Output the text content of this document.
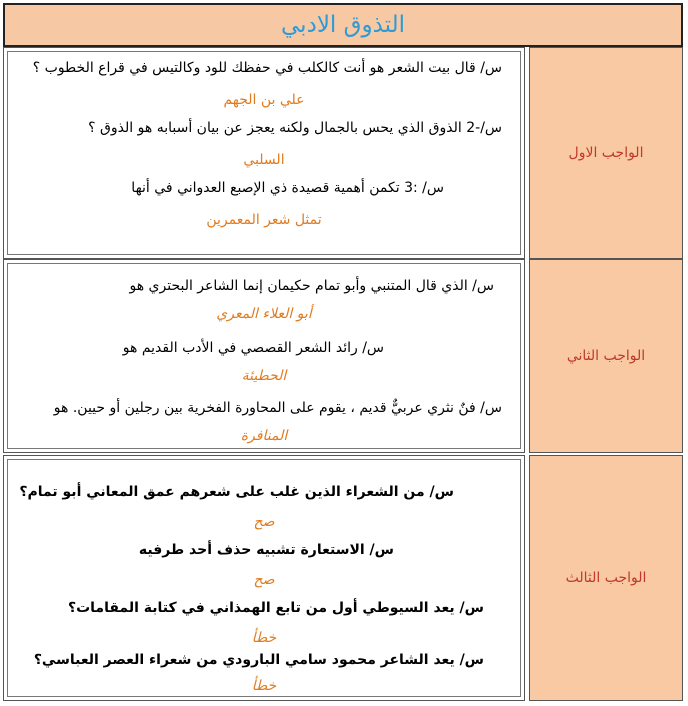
التذوق الادبي
س/ قال بيت الشعر هو أنت كالكلب في حفظك للود وكالتيس في قراع الخطوب ؟
علي بن الجهم
س/-2 الذوق الذي يحس بالجمال ولكنه يعجز عن بيان أسبابه هو الذوق ؟
السلبي
س/ :3 تكمن أهمية قصيدة ذي الإصبع العدواني في أنها
تمثل شعر المعمرين
الواجب الاول
س/ الذي قال المتنبي وأبو تمام حكيمان إنما الشاعر البحتري هو
أبو العلاء المعري
س/ رائد الشعر القصصي في الأدب القديم هو
الحطيئة
س/ فنٌ نثري عربيٌّ قديم ، يقوم على المحاورة الفخرية بين رجلين أو حيين. هو
المنافرة
الواجب الثاني
س/ من الشعراء الذين غلب على شعرهم عمق المعاني أبو تمام؟
صح
س/ الاستعارة تشبيه حذف أحد طرفيه
صح
س/ يعد السيوطي أول من تابع الهمذاني في كتابة المقامات؟
خطأ
س/ يعد الشاعر محمود سامي البارودي من شعراء العصر العباسي؟
خطأ
الواجب الثالث
